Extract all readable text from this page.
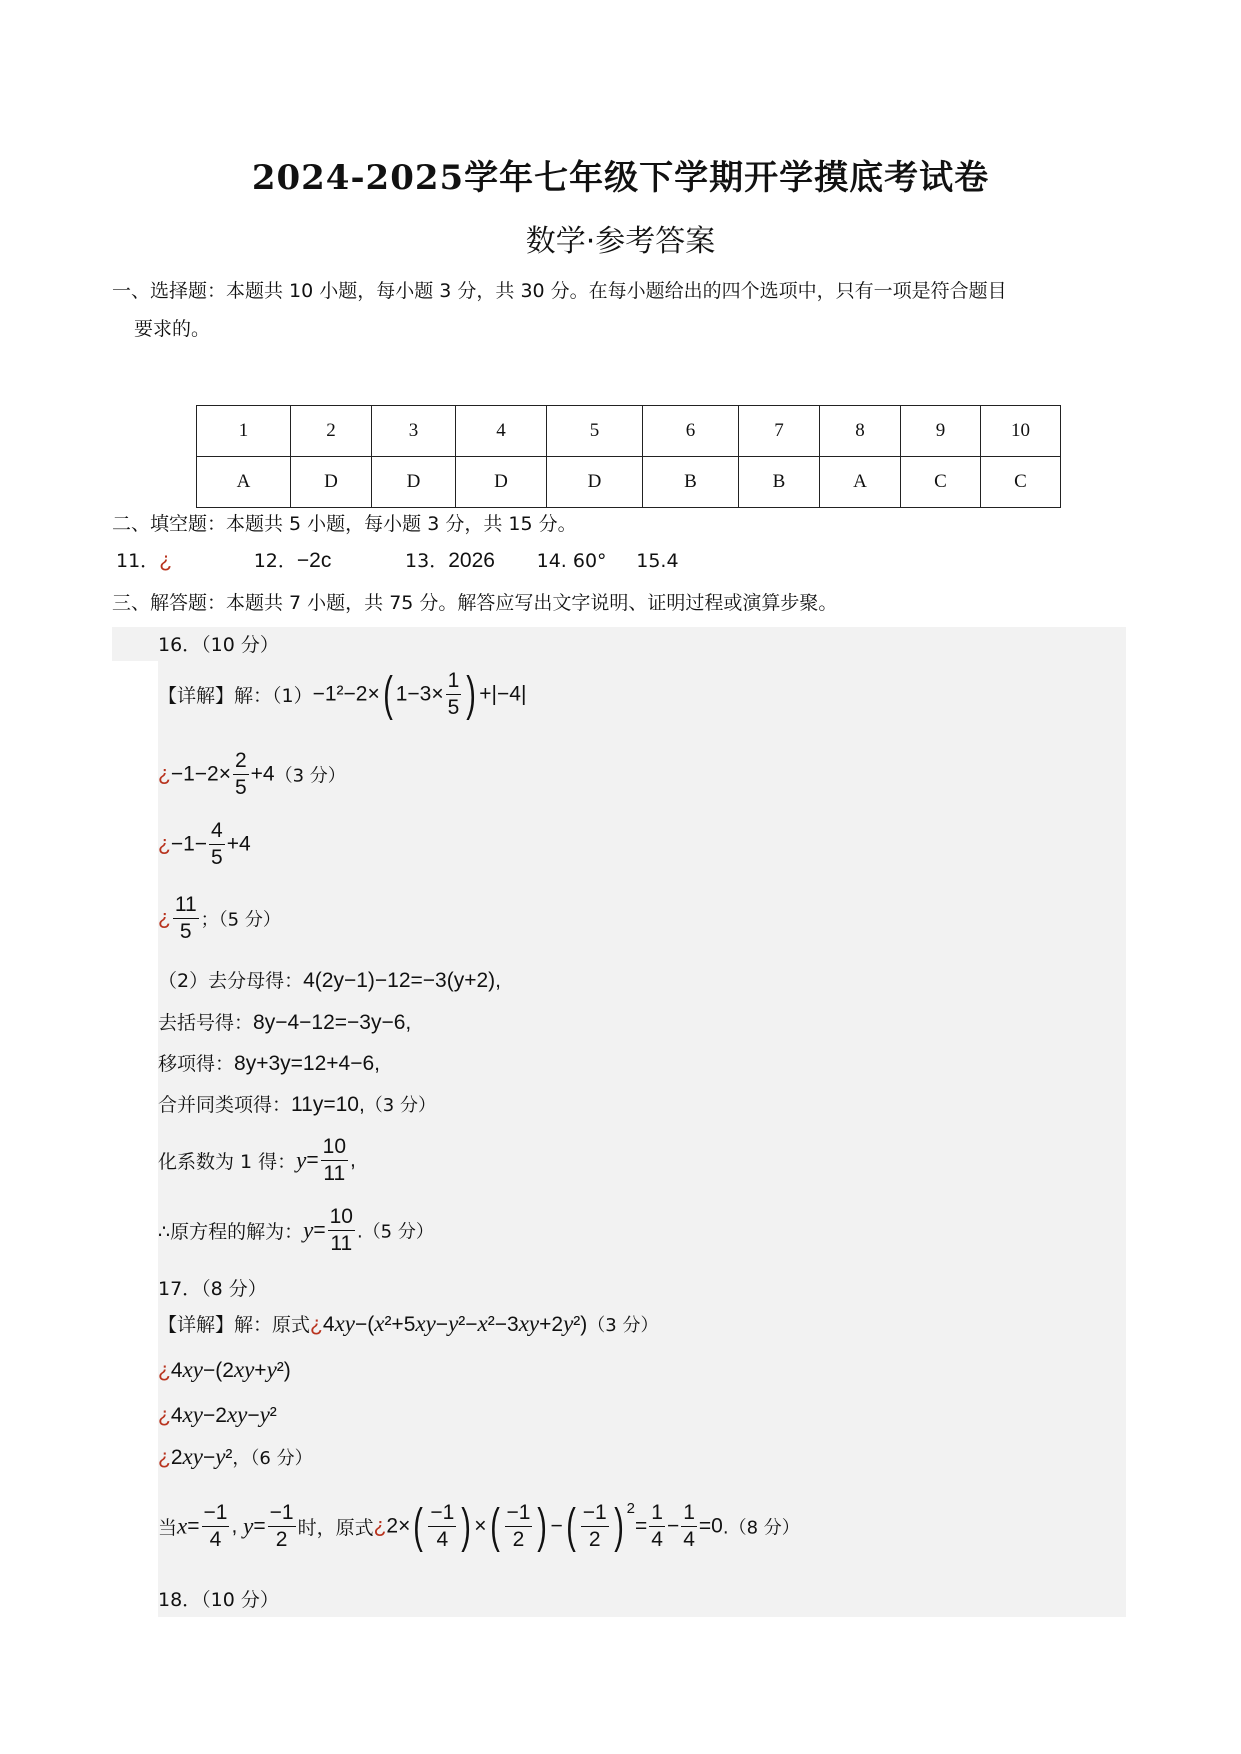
2024-2025学年七年级下学期开学摸底考试卷
数学·参考答案
一、选择题：本题共 10 小题，每小题 3 分，共 30 分。在每小题给出的四个选项中，只有一项是符合题目
要求的。
1	2	3	4	5	6	7	8	9	10
A	D	D	D	D	B	B	A	C	C
二、填空题：本题共 5 小题，每小题 3 分，共 15 分。
11．¿	12．−2c	13．2026 14. 60° 15.4
三、解答题：本题共 7 小题，共 75 分。解答应写出文字说明、证明过程或演算步聚。
16．（10 分）
【详解】解：（1）−1²−2×( $1-3\times \frac{1}{5}$ ) +|−4|
¿$-1-2\times \frac{2}{5} +4(3$ 分）
¿$-1- \frac{4}{5} +4$
¿ $\frac{11}{5}$ ；（5 分）
（2）去分母得：4(2y−1)−12=−3(y+2),
去括号得：8y−4−12=−3y−6,
移项得：8y+3y=12+4−6,
合并同类项得：11y=10,（3 分）
化系数为 1 得：$y= \frac{10}{11}$ ,
∴原方程的解为：$y= \frac{10}{11} .(5$ 分）
17．（8 分）
【详解】解：原式¿4xy−(x²+5xy−y²−x²−3xy+2y²)（3 分）
¿4xy−(2xy+y²)
¿4xy−2xy−y²
¿2xy−y²，（6 分）
当$x= \frac{-1}{4}$ , $y= \frac{-1}{2}$ 时，原式¿$2\times( \frac{-1}{4}$ ) ×( $\frac{-1}{2}$ ) −( $\frac{-1}{2}$ ) $^2= \frac{1}{4} - \frac{1}{4} =0.(8$ 分）
18．（10 分）
